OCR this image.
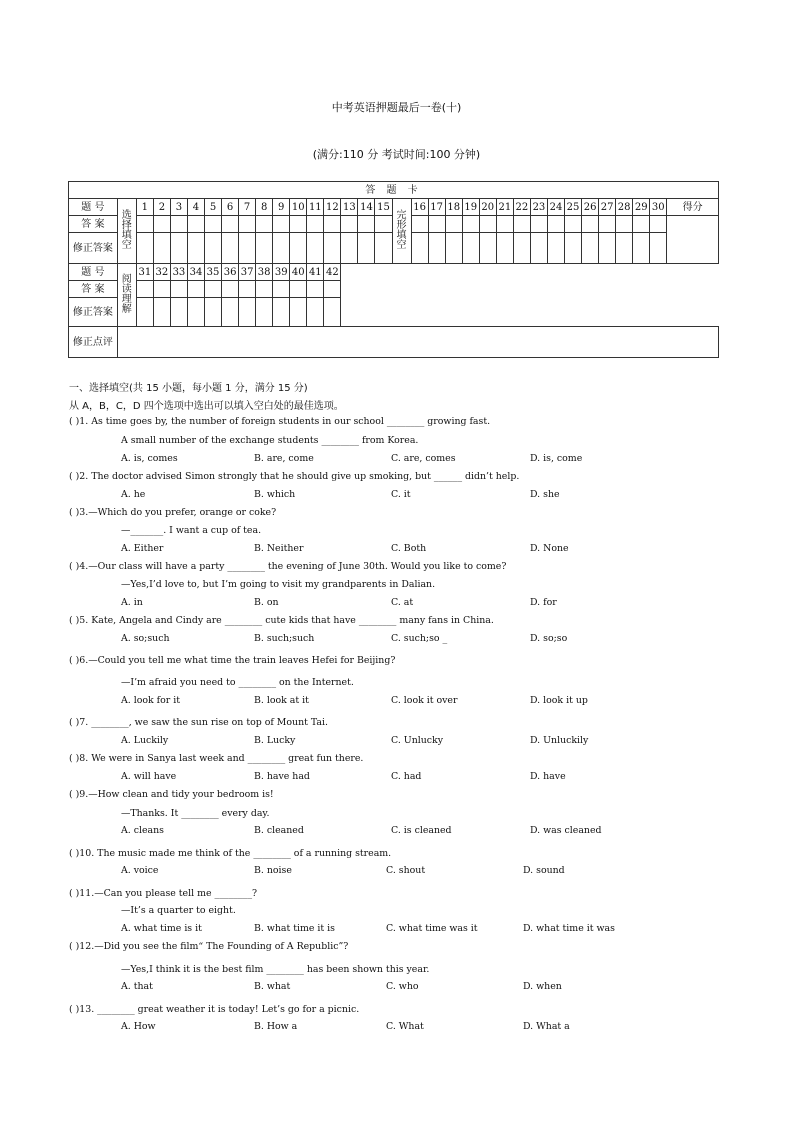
中考英语押题最后一卷(十)
(满分:110 分 考试时间:100 分钟)
答 题 卡																																	
题 号	选择填空	1	2	3	4	5	6	7	8	9	10	11	12	13	14	15	完形填空	16	17	18	19	20	21	22	23	24	25	26	27	28	29	30	得分
答 案																																	
修正答案																																	
题 号	阅读理解	31	32	33	34	35	36	37	38	39	40	41	42																				
答 案																																	
修正答案																																	
修正点评																																	
一、选择填空(共 15 小题，每小题 1 分，满分 15 分)
从 A，B，C，D 四个选项中选出可以填入空白处的最佳选项。
( )1. As time goes by, the number of foreign students in our school ________ growing fast.
A small number of the exchange students ________ from Korea.
A. is, comes	B. are, come	C. are, comes	D. is, come
( )2. The doctor advised Simon strongly that he should give up smoking, but ______ didn’t help.
A. he	B. which	C. it	D. she
( )3.—Which do you prefer, orange or coke?
—_______. I want a cup of tea.
A. Either	B. Neither	C. Both	D. None
( )4.—Our class will have a party ________ the evening of June 30th. Would you like to come?
—Yes,I’d love to, but I’m going to visit my grandparents in Dalian.
A. in	B. on	C. at	D. for
( )5. Kate, Angela and Cindy are ________ cute kids that have ________ many fans in China.
A. so;such	B. such;such	C. such;so _	D. so;so
( )6.—Could you tell me what time the train leaves Hefei for Beijing?
—I’m afraid you need to ________ on the Internet.
A. look for it	B. look at it	C. look it over	D. look it up
( )7. ________, we saw the sun rise on top of Mount Tai.
A. Luckily	B. Lucky	C. Unlucky	D. Unluckily
( )8. We were in Sanya last week and ________ great fun there.
A. will have	B. have had	C. had	D. have
( )9.—How clean and tidy your bedroom is!
—Thanks. It ________ every day.
A. cleans	B. cleaned	C. is cleaned	D. was cleaned
( )10. The music made me think of the ________ of a running stream.
A. voice	B. noise	C. shout	D. sound
( )11.—Can you please tell me ________?
—It’s a quarter to eight.
A. what time is it	B. what time it is	C. what time was it	D. what time it was
( )12.—Did you see the film“ The Founding of A Republic”?
—Yes,I think it is the best film ________ has been shown this year.
A. that	B. what	C. who	D. when
( )13. ________ great weather it is today! Let’s go for a picnic.
A. How	B. How a	C. What	D. What a
